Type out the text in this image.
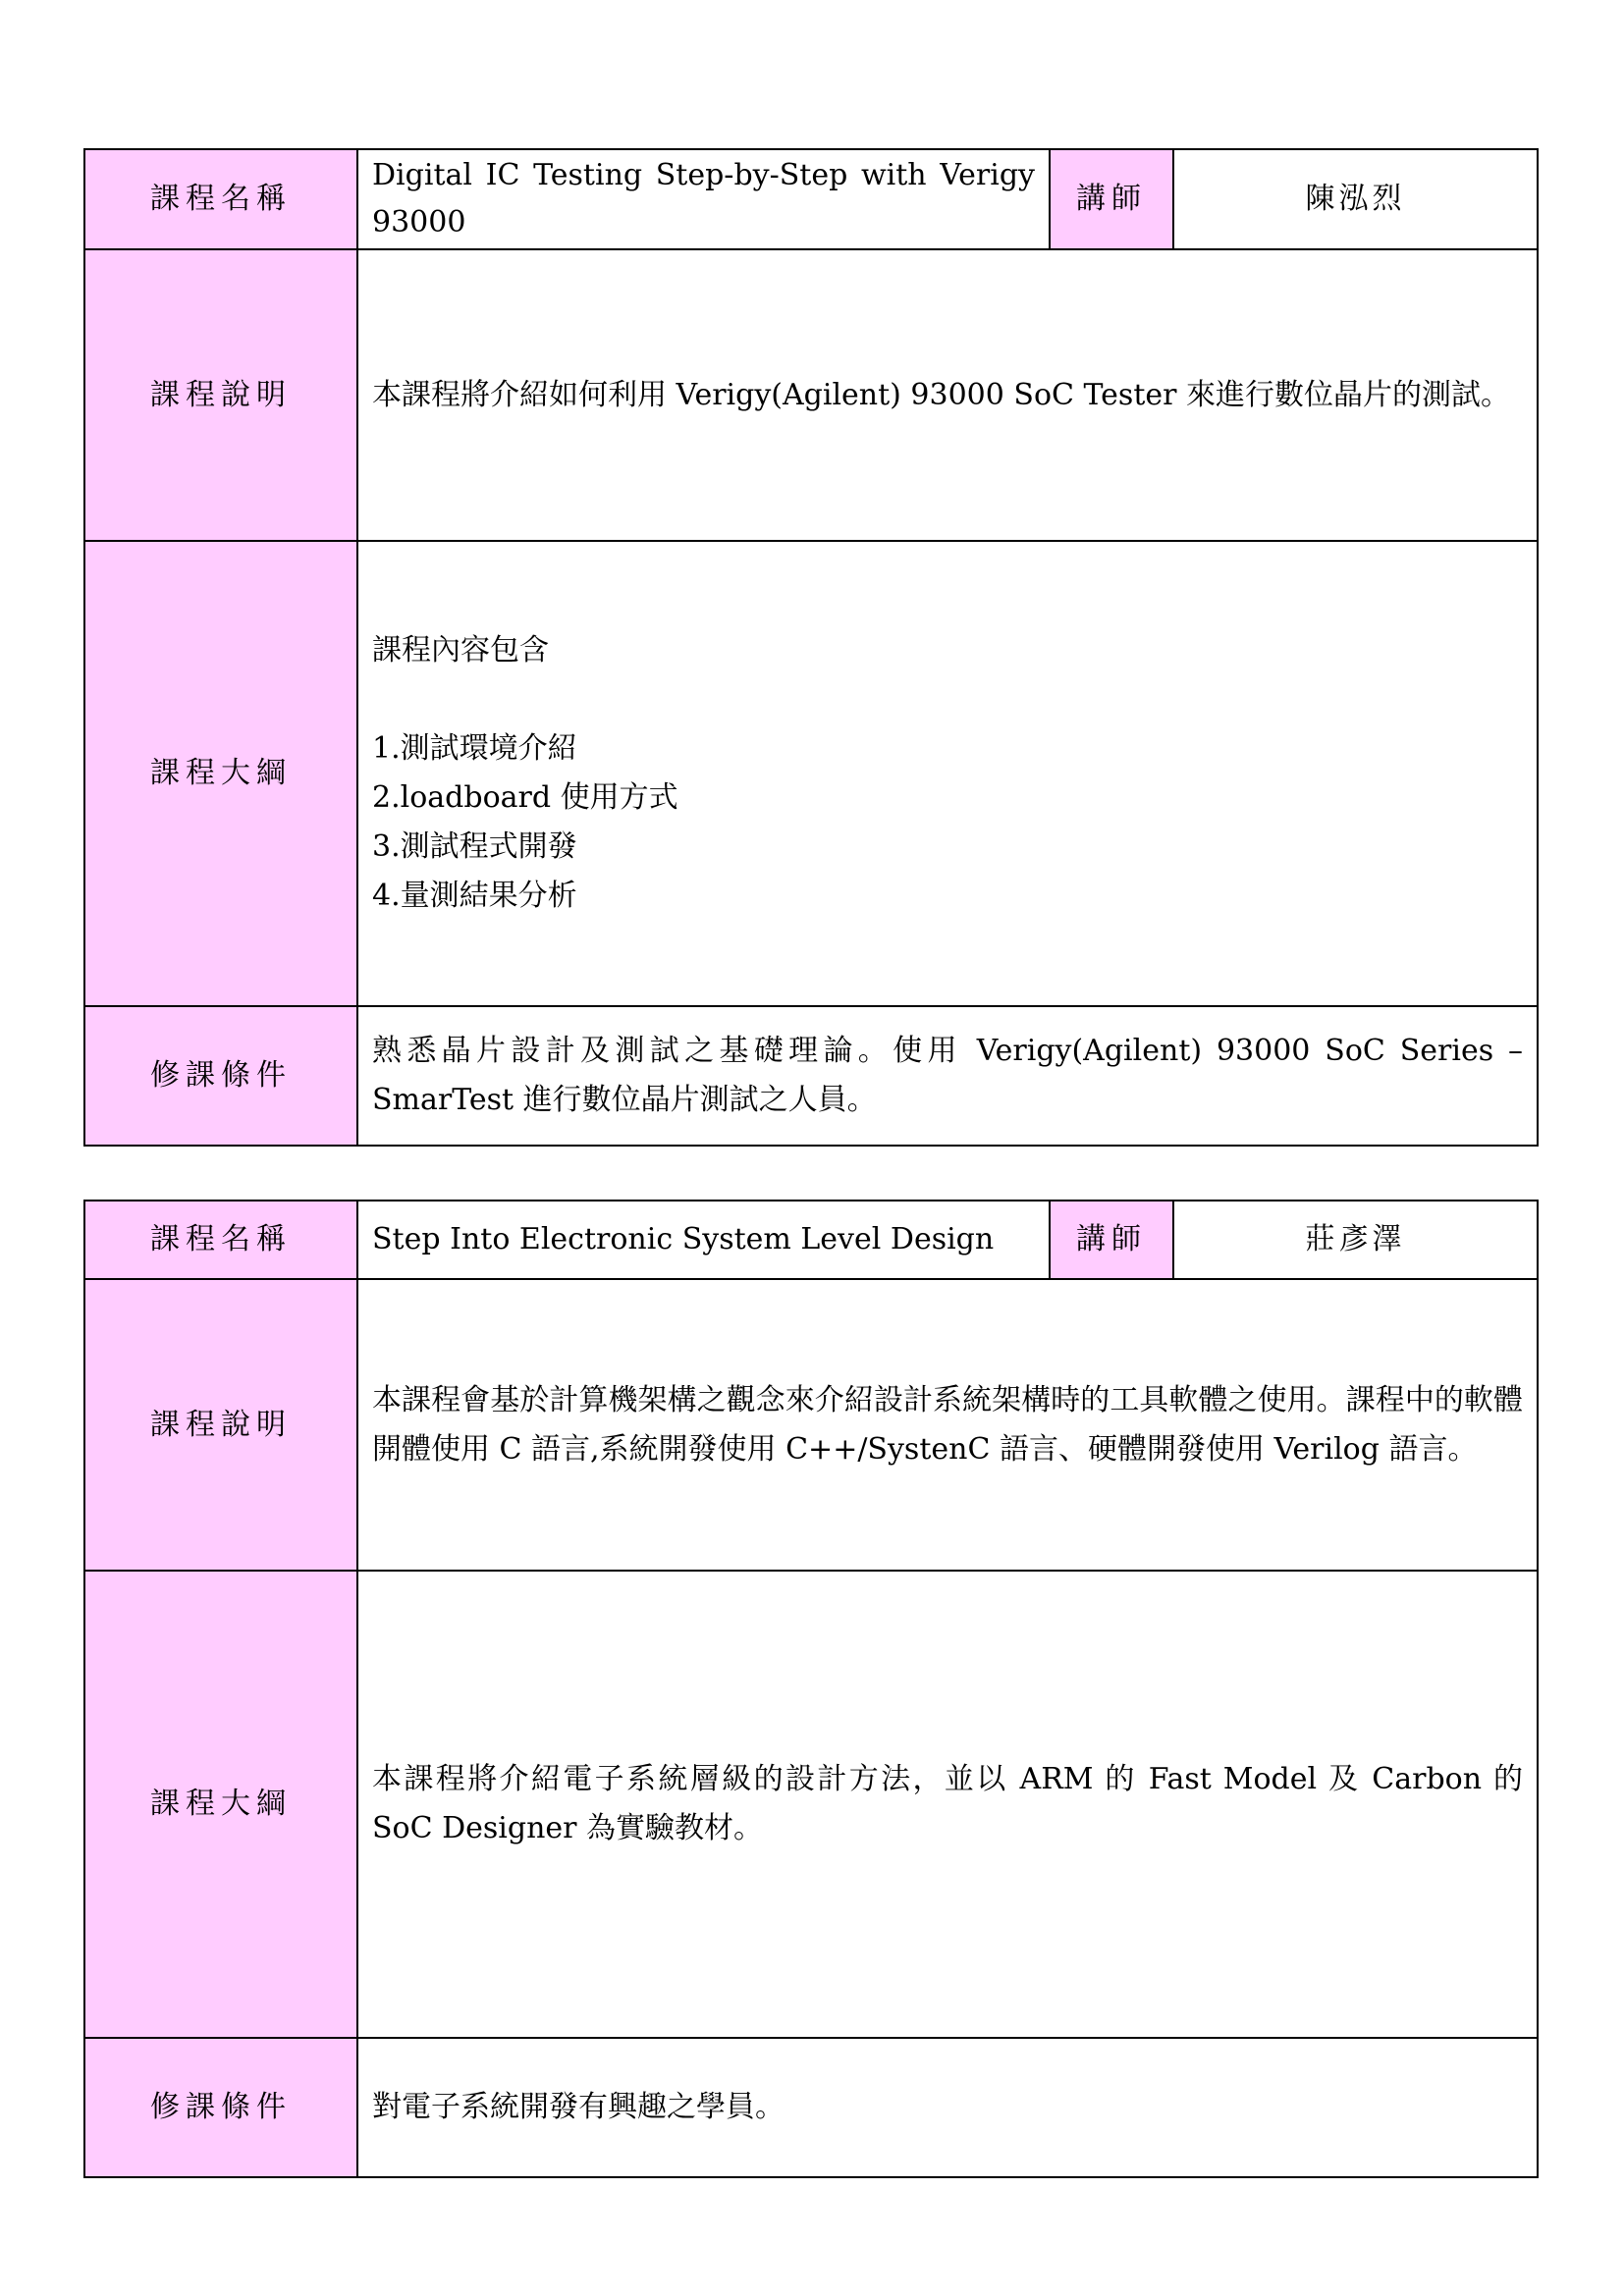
課程名稱	Digital IC Testing Step-by-Step with Verigy 93000	講師	陳泓烈
課程說明	本課程將介紹如何利用 Verigy(Agilent) 93000 SoC Tester 來進行數位晶片的測試。		
課程大綱	課程內容包含
1.測試環境介紹
2.loadboard 使用方式
3.測試程式開發
4.量測結果分析		

修課條件	熟悉晶片設計及測試之基礎理論。使用 Verigy(Agilent) 93000 SoC Series – SmarTest 進行數位晶片測試之人員。		
課程名稱	Step Into Electronic System Level Design	講師	莊彥澤
課程說明	本課程會基於計算機架構之觀念來介紹設計系統架構時的工具軟體之使用。課程中的軟體開體使用 C 語言,系統開發使用 C++/SystenC 語言、硬體開發使用 Verilog 語言。		
課程大綱	本課程將介紹電子系統層級的設計方法，並以 ARM 的 Fast Model 及 Carbon 的 SoC Designer 為實驗教材。		
修課條件	對電子系統開發有興趣之學員。		
